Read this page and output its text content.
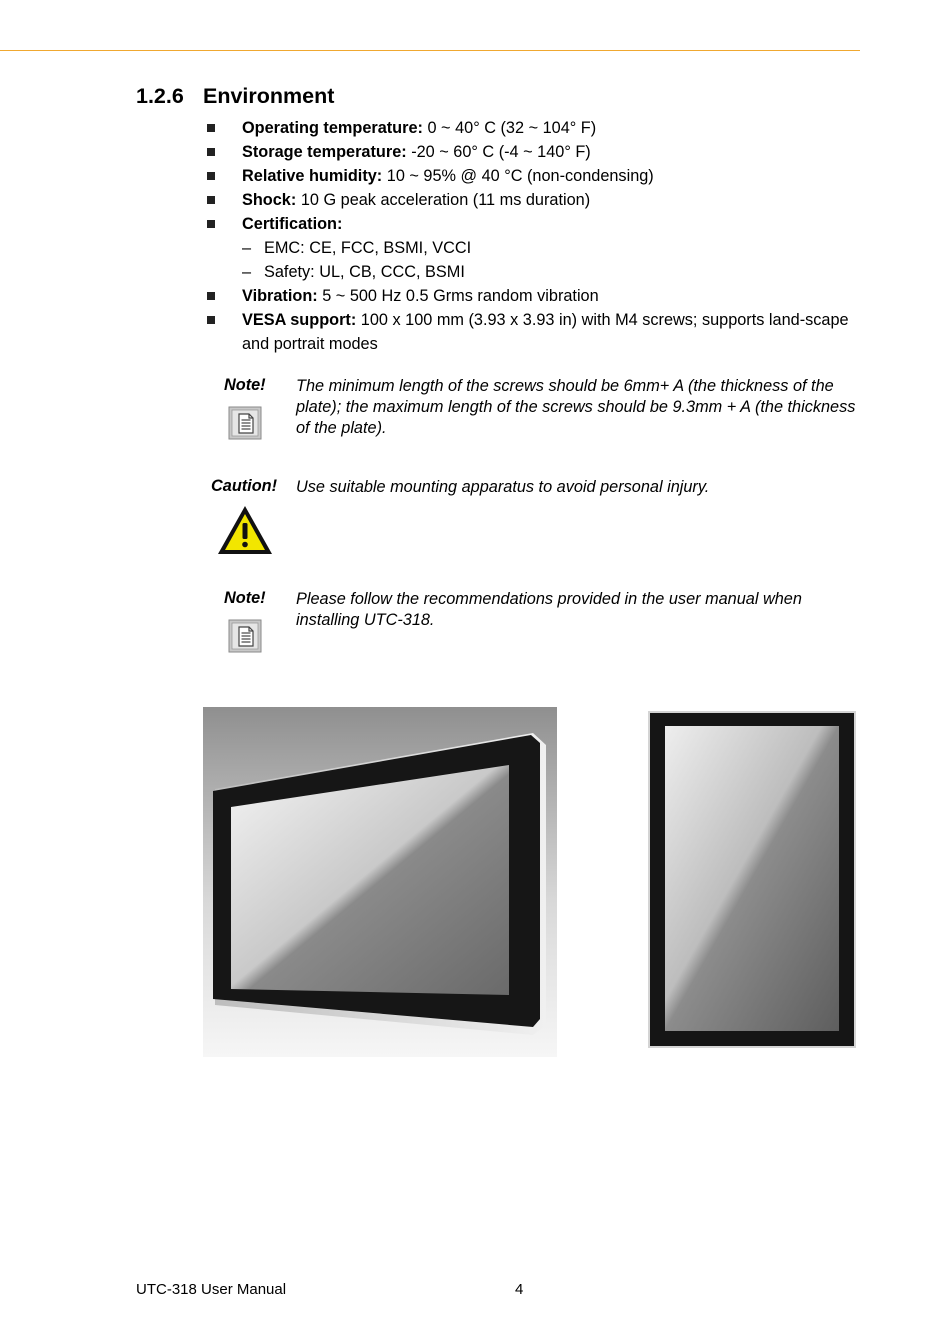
1.2.6 Environment
Operating temperature: 0 ~ 40° C (32 ~ 104° F)
Storage temperature: -20 ~ 60° C (-4 ~ 140° F)
Relative humidity: 10 ~ 95% @ 40 °C (non-condensing)
Shock: 10 G peak acceleration (11 ms duration)
Certification:
– EMC: CE, FCC, BSMI, VCCI
– Safety: UL, CB, CCC, BSMI
Vibration: 5 ~ 500 Hz 0.5 Grms random vibration
VESA support: 100 x 100 mm (3.93 x 3.93 in) with M4 screws; supports land-scape and portrait modes
Note! The minimum length of the screws should be 6mm+ A (the thickness of the plate); the maximum length of the screws should be 9.3mm + A (the thickness of the plate).
Caution! Use suitable mounting apparatus to avoid personal injury.
Note! Please follow the recommendations provided in the user manual when installing UTC-318.
UTC-318 User Manual	4
